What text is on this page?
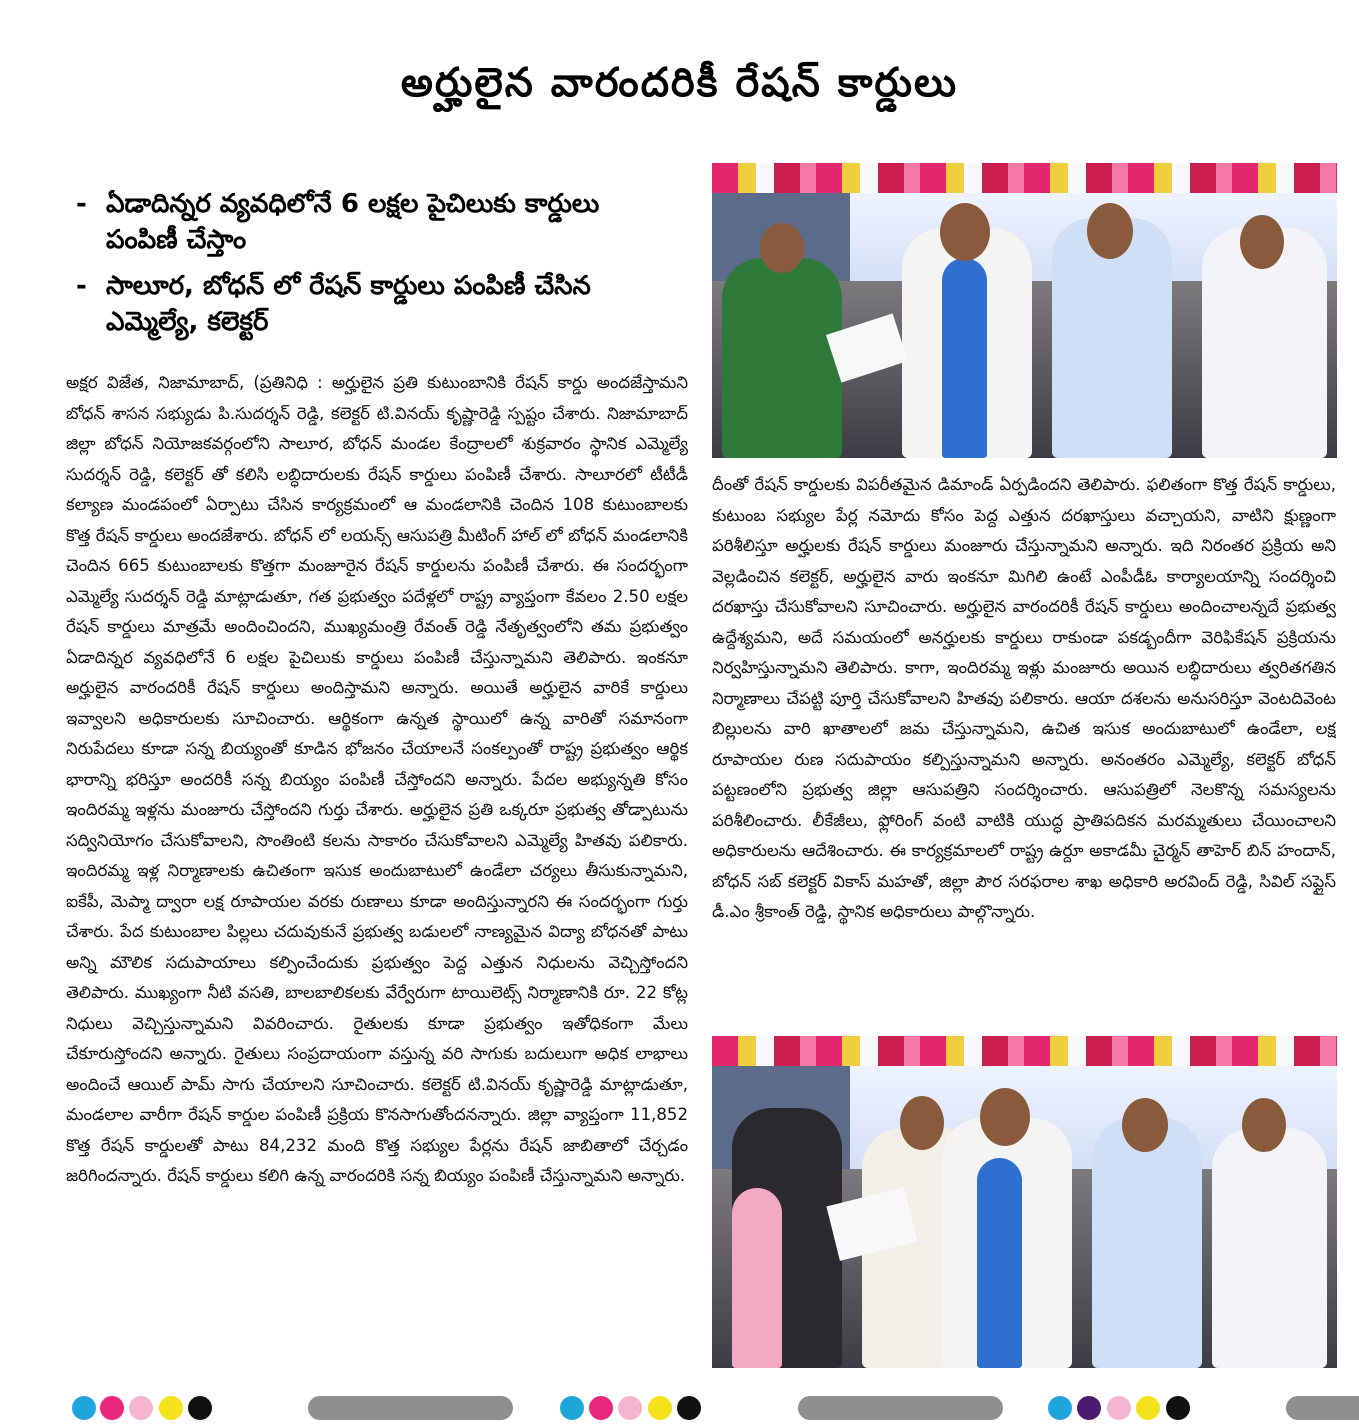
అర్హులైన వారందరికీ రేషన్ కార్డులు
- ఏడాదిన్నర వ్యవధిలోనే 6 లక్షల పైచిలుకు కార్డులు పంపిణీ చేస్తాం
- సాలూర, బోధన్ లో రేషన్ కార్డులు పంపిణీ చేసిన ఎమ్మెల్యే, కలెక్టర్
అక్షర విజేత, నిజామాబాద్, (ప్రతినిధి : అర్హులైన ప్రతి కుటుంబానికి రేషన్ కార్డు అందజేస్తామని బోధన్ శాసన సభ్యుడు పి.సుదర్శన్ రెడ్డి, కలెక్టర్ టి.వినయ్ కృష్ణారెడ్డి స్పష్టం చేశారు. నిజామాబాద్ జిల్లా బోధన్ నియోజకవర్గంలోని సాలూర, బోధన్ మండల కేంద్రాలలో శుక్రవారం స్థానిక ఎమ్మెల్యే సుదర్శన్ రెడ్డి, కలెక్టర్ తో కలిసి లబ్ధిదారులకు రేషన్ కార్డులు పంపిణీ చేశారు. సాలూరలో టీటీడీ కల్యాణ మండపంలో ఏర్పాటు చేసిన కార్యక్రమంలో ఆ మండలానికి చెందిన 108 కుటుంబాలకు కొత్త రేషన్ కార్డులు అందజేశారు. బోధన్ లో లయన్స్ ఆసుపత్రి మీటింగ్ హాల్ లో బోధన్ మండలానికి చెందిన 665 కుటుంబాలకు కొత్తగా మంజూరైన రేషన్ కార్డులను పంపిణీ చేశారు. ఈ సందర్భంగా ఎమ్మెల్యే సుదర్శన్ రెడ్డి మాట్లాడుతూ, గత ప్రభుత్వం పదేళ్లలో రాష్ట్ర వ్యాప్తంగా కేవలం 2.50 లక్షల రేషన్ కార్డులు మాత్రమే అందించిందని, ముఖ్యమంత్రి రేవంత్ రెడ్డి నేతృత్వంలోని తమ ప్రభుత్వం ఏడాదిన్నర వ్యవధిలోనే 6 లక్షల పైచిలుకు కార్డులు పంపిణీ చేస్తున్నామని తెలిపారు. ఇంకనూ అర్హులైన వారందరికీ రేషన్ కార్డులు అందిస్తామని అన్నారు. అయితే అర్హులైన వారికే కార్డులు ఇవ్వాలని అధికారులకు సూచించారు. ఆర్థికంగా ఉన్నత స్థాయిలో ఉన్న వారితో సమానంగా నిరుపేదలు కూడా సన్న బియ్యంతో కూడిన భోజనం చేయాలనే సంకల్పంతో రాష్ట్ర ప్రభుత్వం ఆర్థిక భారాన్ని భరిస్తూ అందరికీ సన్న బియ్యం పంపిణీ చేస్తోందని అన్నారు. పేదల అభ్యున్నతి కోసం ఇందిరమ్మ ఇళ్లను మంజూరు చేస్తోందని గుర్తు చేశారు. అర్హులైన ప్రతి ఒక్కరూ ప్రభుత్వ తోడ్పాటును సద్వినియోగం చేసుకోవాలని, సొంతింటి కలను సాకారం చేసుకోవాలని ఎమ్మెల్యే హితవు పలికారు. ఇందిరమ్మ ఇళ్ల నిర్మాణాలకు ఉచితంగా ఇసుక అందుబాటులో ఉండేలా చర్యలు తీసుకున్నామని, ఐకేపీ, మెప్మా ద్వారా లక్ష రూపాయల వరకు రుణాలు కూడా అందిస్తున్నారని ఈ సందర్భంగా గుర్తు చేశారు. పేద కుటుంబాల పిల్లలు చదువుకునే ప్రభుత్వ బడులలో నాణ్యమైన విద్యా బోధనతో పాటు అన్ని మౌలిక సదుపాయాలు కల్పించేందుకు ప్రభుత్వం పెద్ద ఎత్తున నిధులను వెచ్చిస్తోందని తెలిపారు. ముఖ్యంగా నీటి వసతి, బాలబాలికలకు వేర్వేరుగా టాయిలెట్స్ నిర్మాణానికి రూ. 22 కోట్ల నిధులు వెచ్చిస్తున్నామని వివరించారు. రైతులకు కూడా ప్రభుత్వం ఇతోధికంగా మేలు చేకూరుస్తోందని అన్నారు. రైతులు సంప్రదాయంగా వస్తున్న వరి సాగుకు బదులుగా అధిక లాభాలు అందించే ఆయిల్ పామ్ సాగు చేయాలని సూచించారు. కలెక్టర్ టి.వినయ్ కృష్ణారెడ్డి మాట్లాడుతూ, మండలాల వారీగా రేషన్ కార్డుల పంపిణీ ప్రక్రియ కొనసాగుతోందనన్నారు. జిల్లా వ్యాప్తంగా 11,852 కొత్త రేషన్ కార్డులతో పాటు 84,232 మంది కొత్త సభ్యుల పేర్లను రేషన్ జాబితాలో చేర్చడం జరిగిందన్నారు. రేషన్ కార్డులు కలిగి ఉన్న వారందరికి సన్న బియ్యం పంపిణీ చేస్తున్నామని అన్నారు.
దీంతో రేషన్ కార్డులకు విపరీతమైన డిమాండ్ ఏర్పడిందని తెలిపారు. ఫలితంగా కొత్త రేషన్ కార్డులు, కుటుంబ సభ్యుల పేర్ల నమోదు కోసం పెద్ద ఎత్తున దరఖాస్తులు వచ్చాయని, వాటిని క్షుణ్ణంగా పరిశీలిస్తూ అర్హులకు రేషన్ కార్డులు మంజూరు చేస్తున్నామని అన్నారు. ఇది నిరంతర ప్రక్రియ అని వెల్లడించిన కలెక్టర్, అర్హులైన వారు ఇంకనూ మిగిలి ఉంటే ఎంపీడీఓ కార్యాలయాన్ని సందర్శించి దరఖాస్తు చేసుకోవాలని సూచించారు. అర్హులైన వారందరికీ రేషన్ కార్డులు అందించాలన్నదే ప్రభుత్వ ఉద్దేశ్యమని, అదే సమయంలో అనర్హులకు కార్డులు రాకుండా పకడ్బందీగా వెరిఫికేషన్ ప్రక్రియను నిర్వహిస్తున్నామని తెలిపారు. కాగా, ఇందిరమ్మ ఇళ్లు మంజూరు అయిన లబ్ధిదారులు త్వరితగతిన నిర్మాణాలు చేపట్టి పూర్తి చేసుకోవాలని హితవు పలికారు. ఆయా దశలను అనుసరిస్తూ వెంటదివెంట బిల్లులను వారి ఖాతాలలో జమ చేస్తున్నామని, ఉచిత ఇసుక అందుబాటులో ఉండేలా, లక్ష రూపాయల రుణ సదుపాయం కల్పిస్తున్నామని అన్నారు. అనంతరం ఎమ్మెల్యే, కలెక్టర్ బోధన్ పట్టణంలోని ప్రభుత్వ జిల్లా ఆసుపత్రిని సందర్శించారు. ఆసుపత్రిలో నెలకొన్న సమస్యలను పరిశీలించారు. లీకేజీలు, ఫ్లోరింగ్ వంటి వాటికి యుద్ధ ప్రాతిపదికన మరమ్మతులు చేయించాలని అధికారులను ఆదేశించారు. ఈ కార్యక్రమాలలో రాష్ట్ర ఉర్దూ అకాడమీ చైర్మన్ తాహెర్ బిన్ హందాన్, బోధన్ సబ్ కలెక్టర్ వికాస్ మహతో, జిల్లా పౌర సరఫరాల శాఖ అధికారి అరవింద్ రెడ్డి, సివిల్ సప్లైస్ డీ.ఎం శ్రీకాంత్ రెడ్డి, స్థానిక అధికారులు పాల్గొన్నారు.
